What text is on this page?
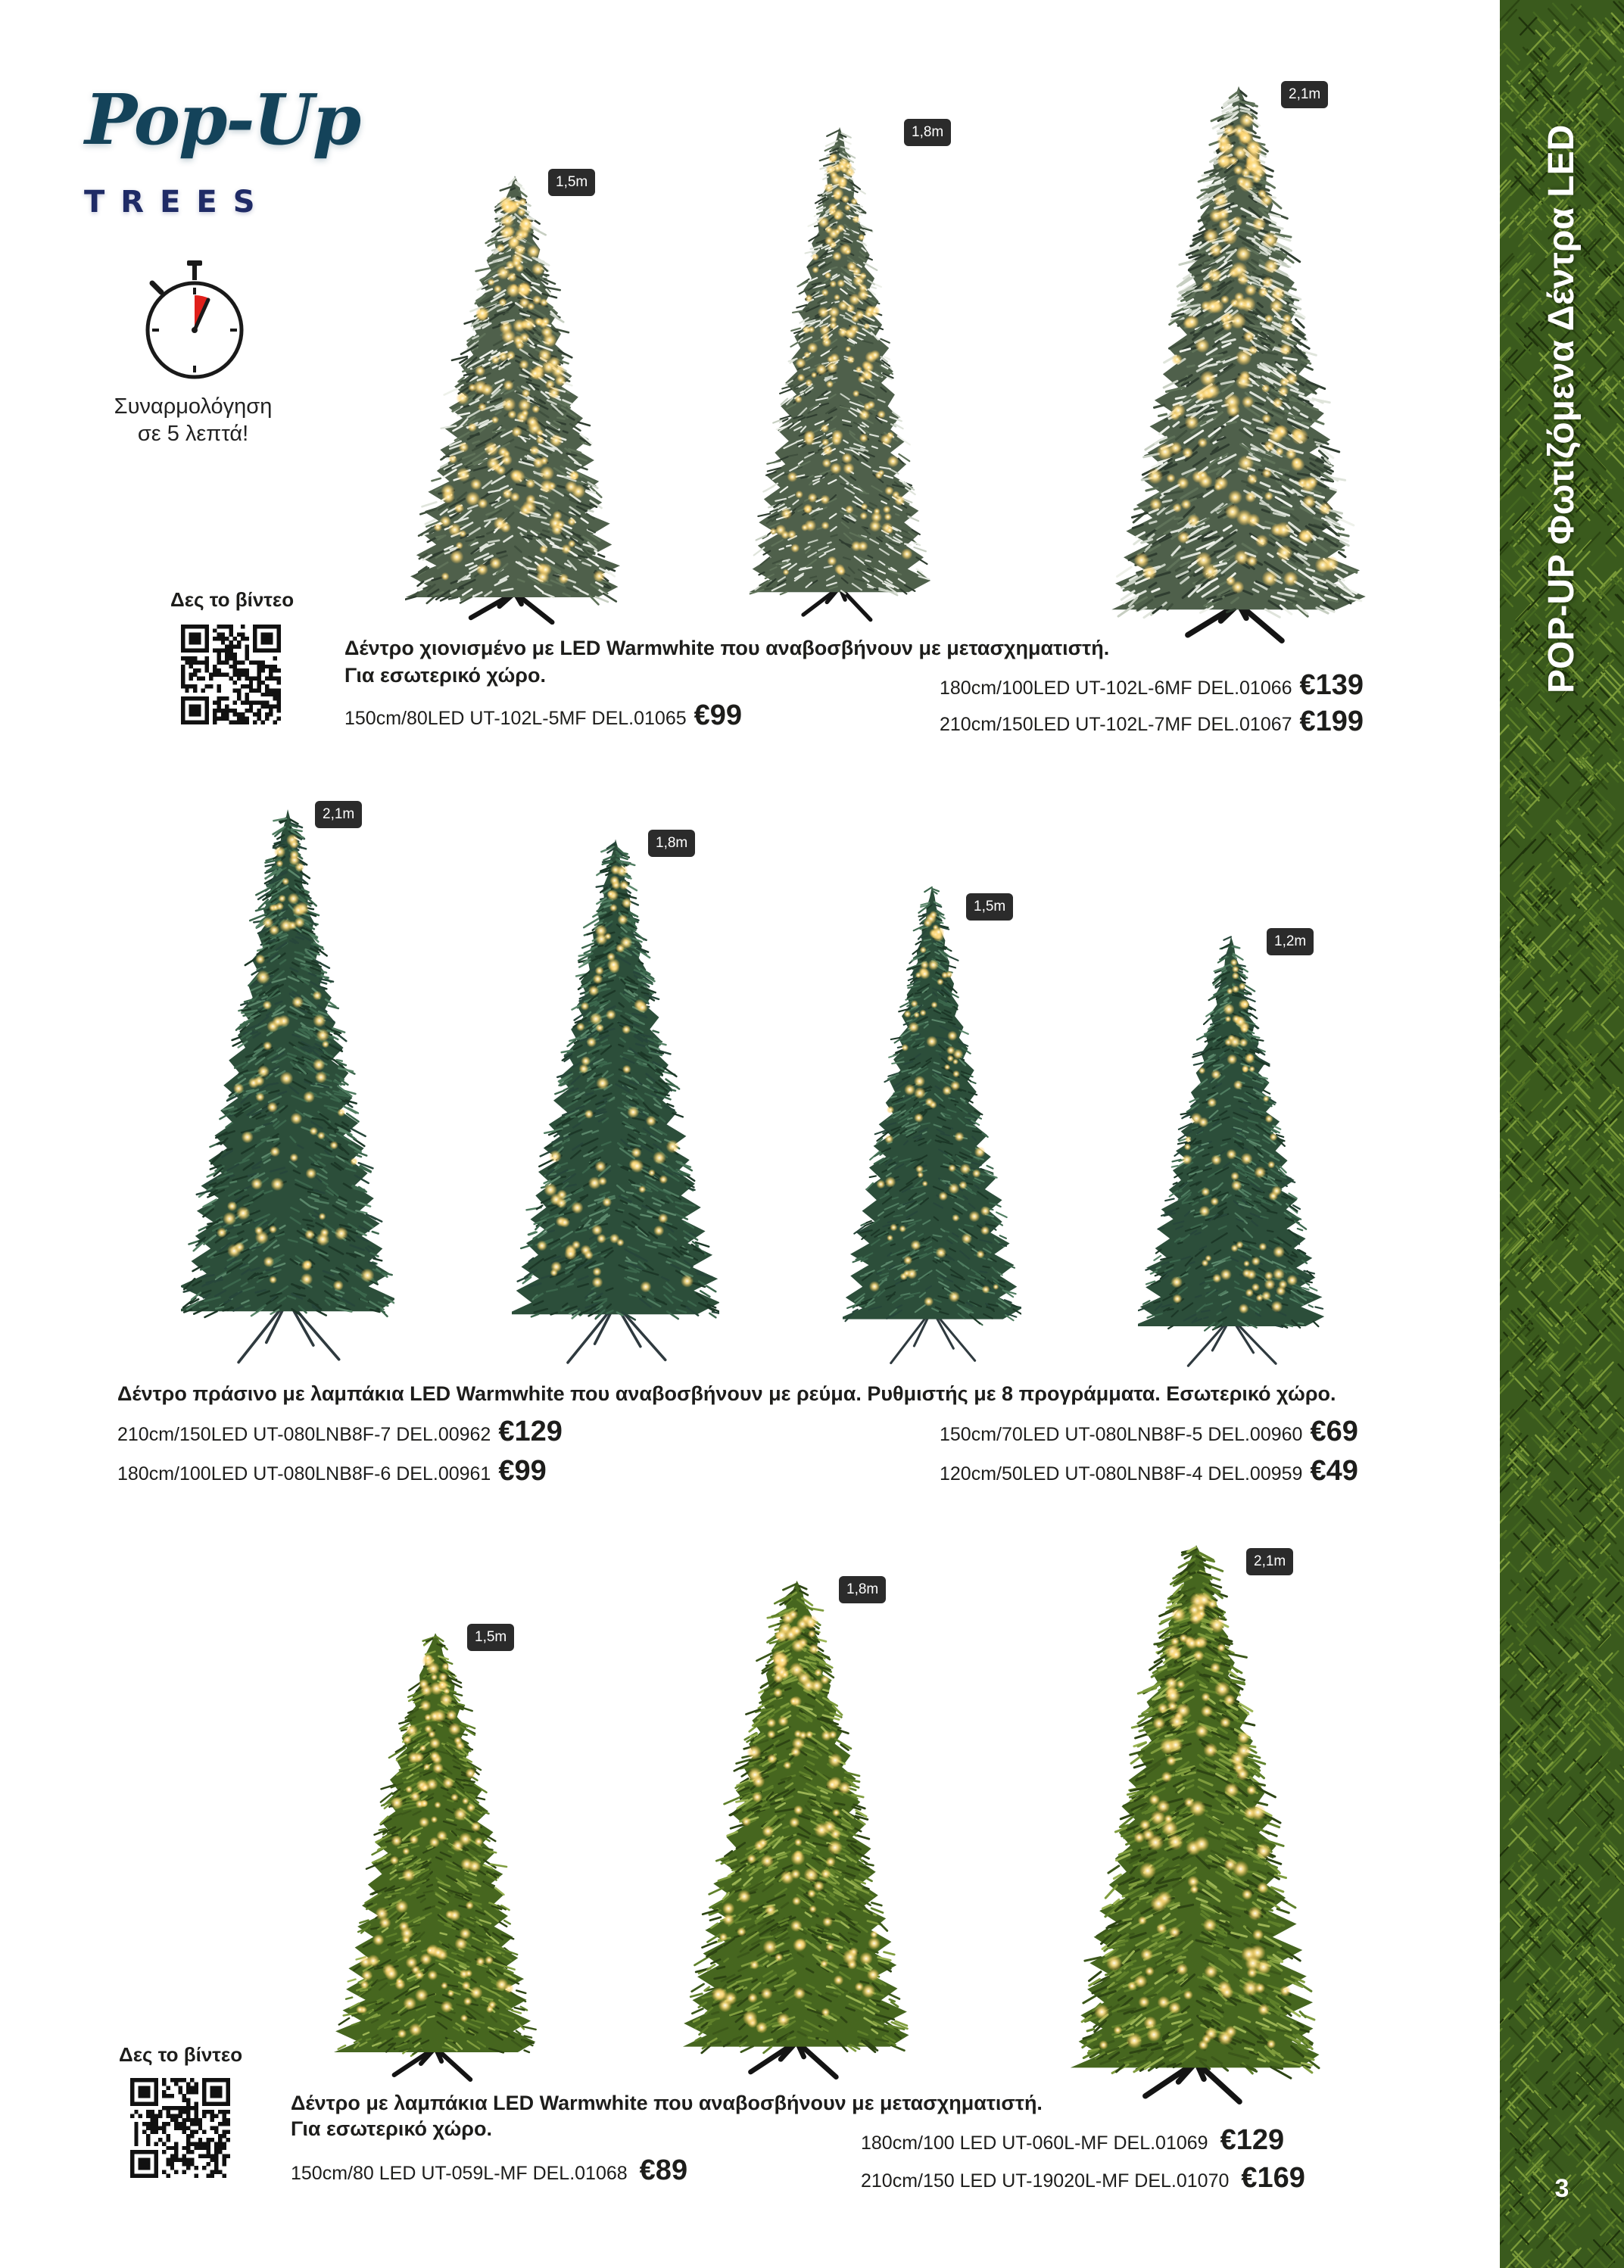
Pop-Up
TREES
Συναρμολόγηση
σε 5 λεπτά!
Δες το βίντεο
1,5m
1,8m
2,1m
Δέντρο χιονισμένο με LED Warmwhite που αναβοσβήνουν με μετασχηματιστή.
Για εσωτερικό χώρο.
150cm/80LED UT-102L-5MF DEL.01065 €99
180cm/100LED UT-102L-6MF DEL.01066 €139
210cm/150LED UT-102L-7MF DEL.01067 €199
2,1m
1,8m
1,5m
1,2m
Δέντρο πράσινο με λαμπάκια LED Warmwhite που αναβοσβήνουν με ρεύμα. Ρυθμιστής με 8 προγράμματα. Εσωτερικό χώρο.
210cm/150LED UT-080LNB8F-7 DEL.00962 €129
180cm/100LED UT-080LNB8F-6 DEL.00961 €99
150cm/70LED UT-080LNB8F-5 DEL.00960 €69
120cm/50LED UT-080LNB8F-4 DEL.00959 €49
1,5m
1,8m
2,1m
Δες το βίντεο
Δέντρο με λαμπάκια LED Warmwhite που αναβοσβήνουν με μετασχηματιστή.
Για εσωτερικό χώρο.
150cm/80 LED UT-059L-MF DEL.01068 €89
180cm/100 LED UT-060L-MF DEL.01069 €129
210cm/150 LED UT-19020L-MF DEL.01070 €169
POP-UP Φωτιζόμενα Δέντρα LED
3
